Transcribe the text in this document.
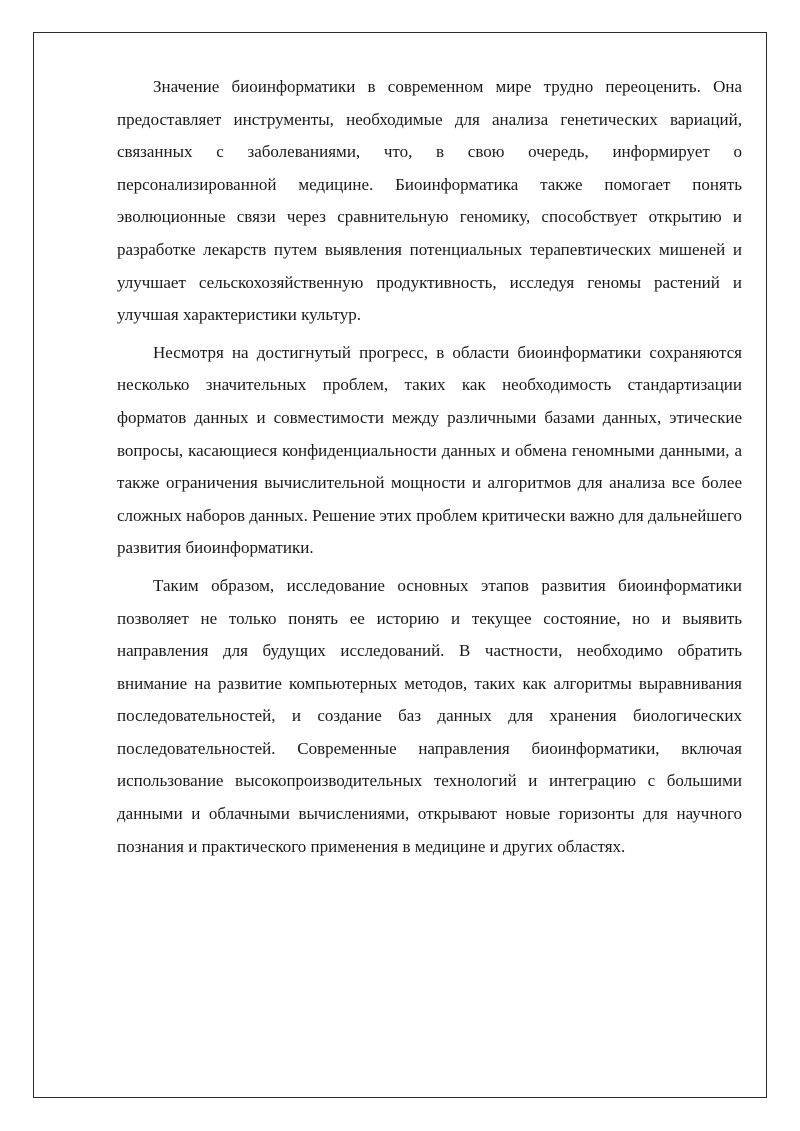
Значение биоинформатики в современном мире трудно переоценить. Она предоставляет инструменты, необходимые для анализа генетических вариаций, связанных с заболеваниями, что, в свою очередь, информирует о персонализированной медицине. Биоинформатика также помогает понять эволюционные связи через сравнительную геномику, способствует открытию и разработке лекарств путем выявления потенциальных терапевтических мишеней и улучшает сельскохозяйственную продуктивность, исследуя геномы растений и улучшая характеристики культур.

Несмотря на достигнутый прогресс, в области биоинформатики сохраняются несколько значительных проблем, таких как необходимость стандартизации форматов данных и совместимости между различными базами данных, этические вопросы, касающиеся конфиденциальности данных и обмена геномными данными, а также ограничения вычислительной мощности и алгоритмов для анализа все более сложных наборов данных. Решение этих проблем критически важно для дальнейшего развития биоинформатики.

Таким образом, исследование основных этапов развития биоинформатики позволяет не только понять ее историю и текущее состояние, но и выявить направления для будущих исследований. В частности, необходимо обратить внимание на развитие компьютерных методов, таких как алгоритмы выравнивания последовательностей, и создание баз данных для хранения биологических последовательностей. Современные направления биоинформатики, включая использование высокопроизводительных технологий и интеграцию с большими данными и облачными вычислениями, открывают новые горизонты для научного познания и практического применения в медицине и других областях.
